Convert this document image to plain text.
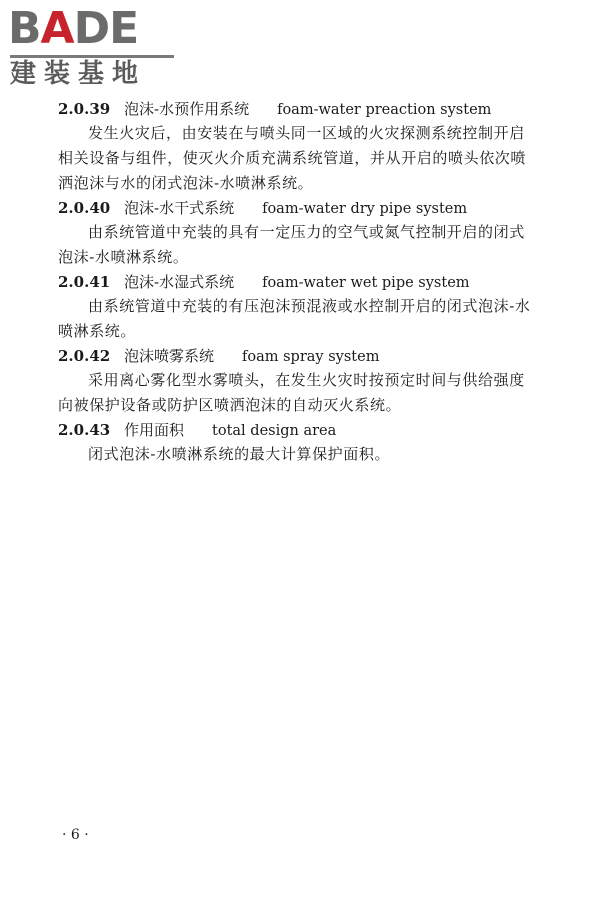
BADE
建装基地
2.0.39 泡沫-水预作用系统 foam-water preaction system

发生火灾后，由安装在与喷头同一区域的火灾探测系统控制开启相关设备与组件，使灭火介质充满系统管道，并从开启的喷头依次喷洒泡沫与水的闭式泡沫-水喷淋系统。

2.0.40 泡沫-水干式系统 foam-water dry pipe system

由系统管道中充装的具有一定压力的空气或氮气控制开启的闭式泡沫-水喷淋系统。

2.0.41 泡沫-水湿式系统 foam-water wet pipe system

由系统管道中充装的有压泡沫预混液或水控制开启的闭式泡沫-水喷淋系统。

2.0.42 泡沫喷雾系统 foam spray system

采用离心雾化型水雾喷头，在发生火灾时按预定时间与供给强度向被保护设备或防护区喷洒泡沫的自动灭火系统。

2.0.43 作用面积 total design area

闭式泡沫-水喷淋系统的最大计算保护面积。

· 6 ·
